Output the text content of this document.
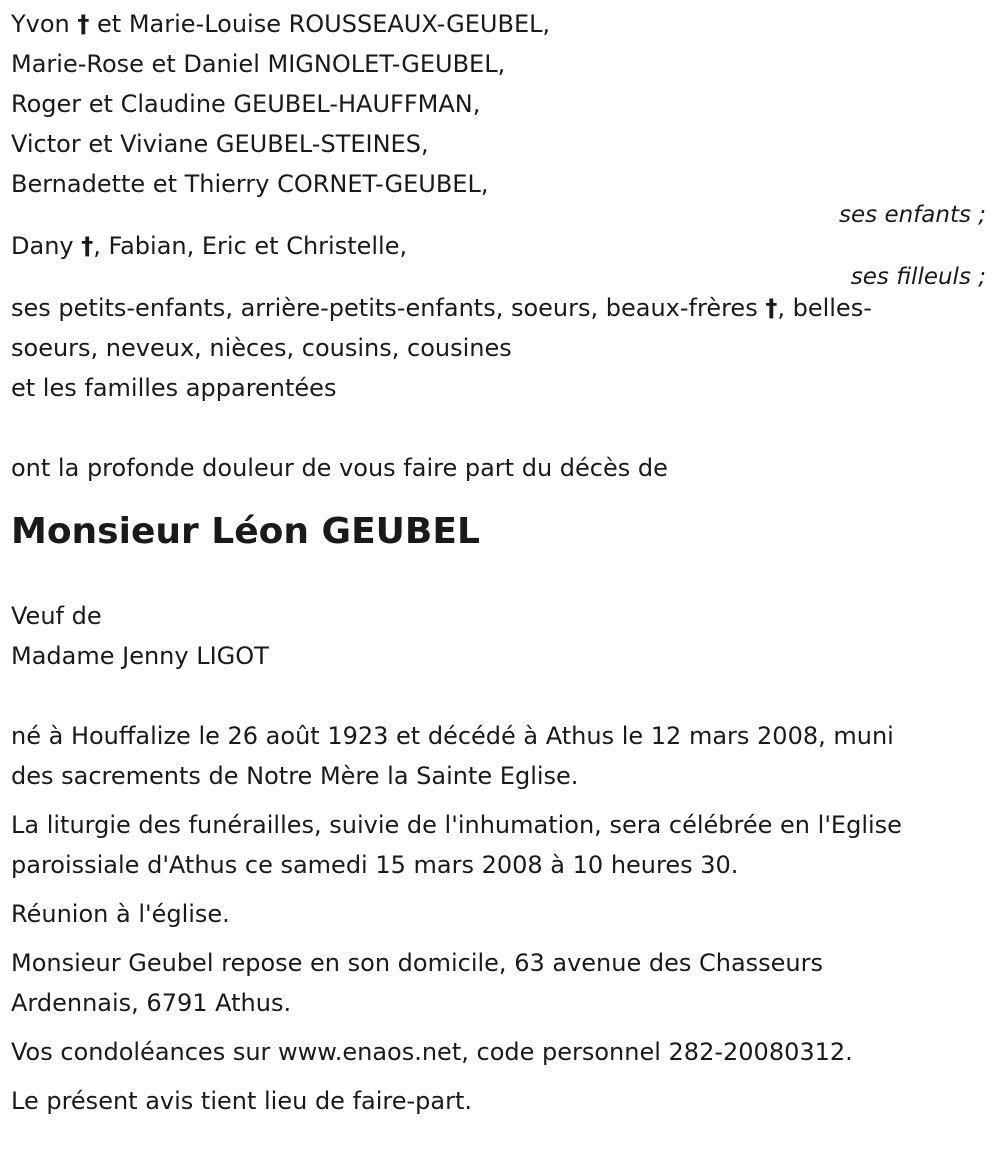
Yvon † et Marie-Louise ROUSSEAUX-GEUBEL,

Marie-Rose et Daniel MIGNOLET-GEUBEL,

Roger et Claudine GEUBEL-HAUFFMAN,

Victor et Viviane GEUBEL-STEINES,

Bernadette et Thierry CORNET-GEUBEL,

ses enfants ;

Dany †, Fabian, Eric et Christelle,

ses filleuls ;

ses petits-enfants, arrière-petits-enfants, soeurs, beaux-frères †, belles-

soeurs, neveux, nièces, cousins, cousines

et les familles apparentées

ont la profonde douleur de vous faire part du décès de

Monsieur Léon GEUBEL

Veuf de

Madame Jenny LIGOT

né à Houffalize le 26 août 1923 et décédé à Athus le 12 mars 2008, muni
des sacrements de Notre Mère la Sainte Eglise.
La liturgie des funérailles, suivie de l'inhumation, sera célébrée en l'Eglise
paroissiale d'Athus ce samedi 15 mars 2008 à 10 heures 30.
Réunion à l'église.
Monsieur Geubel repose en son domicile, 63 avenue des Chasseurs
Ardennais, 6791 Athus.
Vos condoléances sur www.enaos.net, code personnel 282-20080312.
Le présent avis tient lieu de faire-part.
